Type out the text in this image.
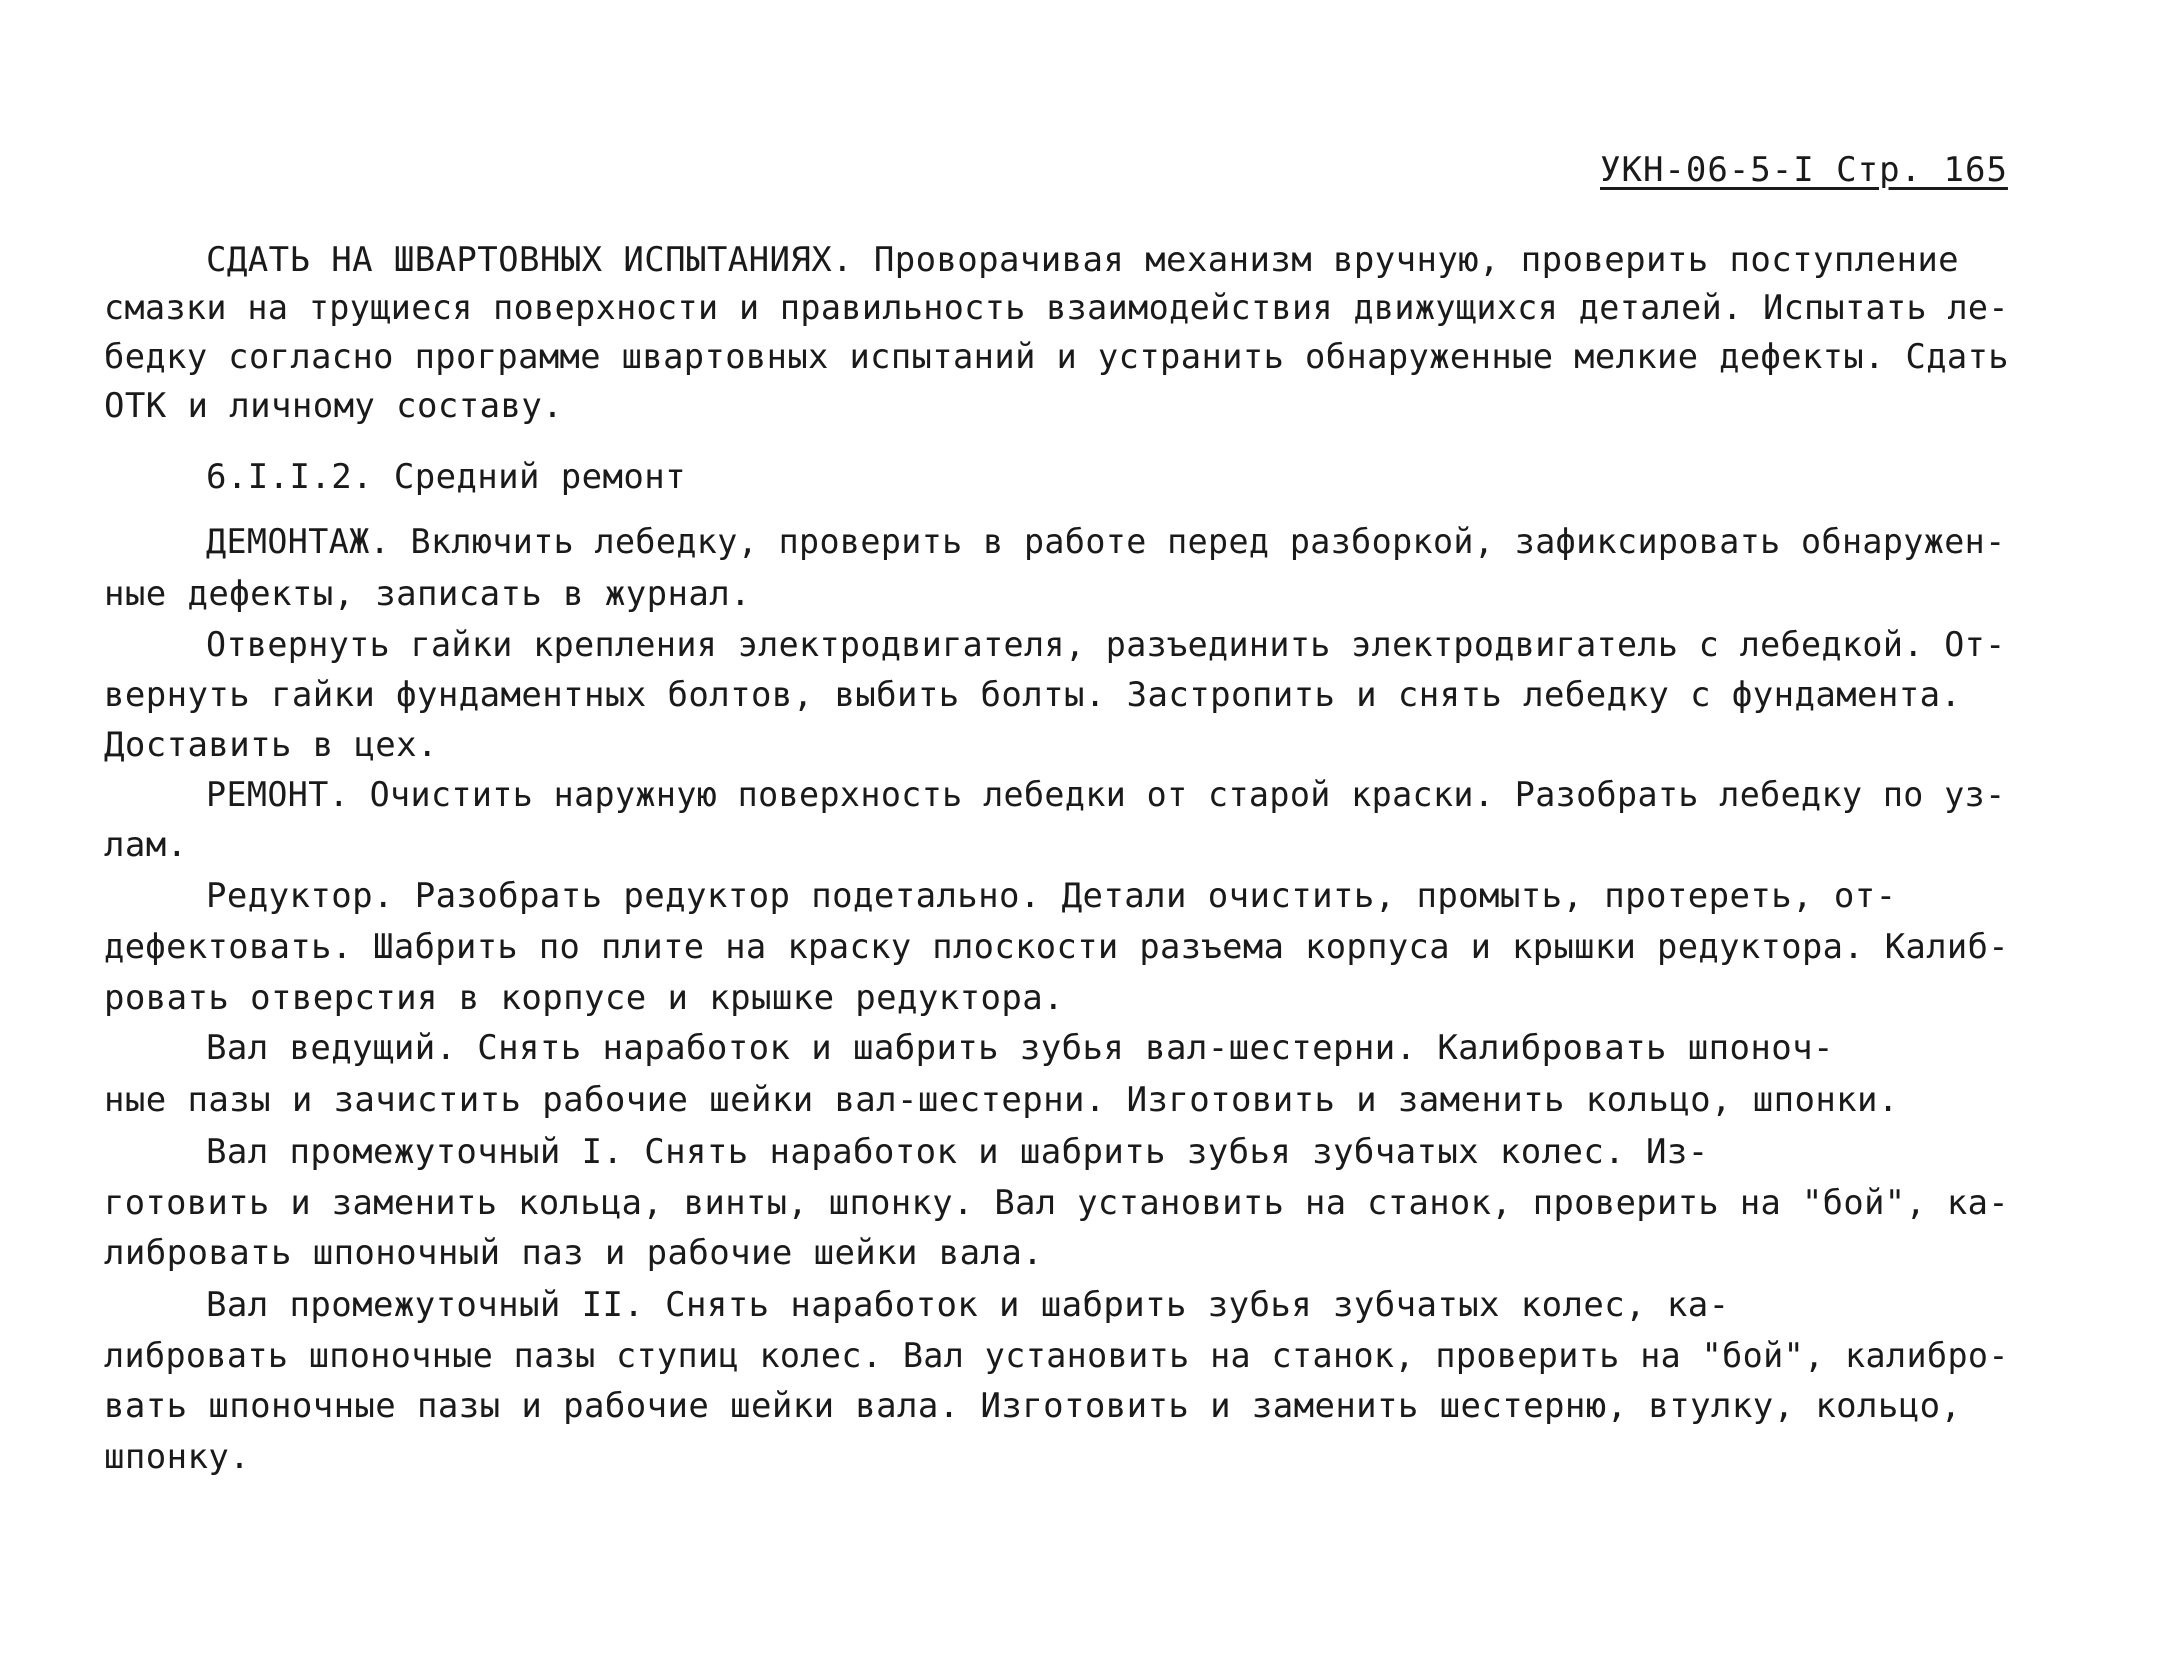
УКН-06-5-I Стр. 165
СДАТЬ НА ШВАРТОВНЫХ ИСПЫТАНИЯХ. Проворачивая механизм вручную, проверить поступление
смазки на трущиеся поверхности и правильность взаимодействия движущихся деталей. Испытать ле-
бедку согласно программе швартовных испытаний и устранить обнаруженные мелкие дефекты. Сдать
ОТК и личному составу.
6.I.I.2. Средний ремонт
ДЕМОНТАЖ. Включить лебедку, проверить в работе перед разборкой, зафиксировать обнаружен-
ные дефекты, записать в журнал.
Отвернуть гайки крепления электродвигателя, разъединить электродвигатель с лебедкой. От-
вернуть гайки фундаментных болтов, выбить болты. Застропить и снять лебедку с фундамента.
Доставить в цех.
РЕМОНТ. Очистить наружную поверхность лебедки от старой краски. Разобрать лебедку по уз-
лам.
Редуктор. Разобрать редуктор подетально. Детали очистить, промыть, протереть, от-
дефектовать. Шабрить по плите на краску плоскости разъема корпуса и крышки редуктора. Калиб-
ровать отверстия в корпусе и крышке редуктора.
Вал ведущий. Снять наработок и шабрить зубья вал-шестерни. Калибровать шпоноч-
ные пазы и зачистить рабочие шейки вал-шестерни. Изготовить и заменить кольцо, шпонки.
Вал промежуточный I. Снять наработок и шабрить зубья зубчатых колес. Из-
готовить и заменить кольца, винты, шпонку. Вал установить на станок, проверить на "бой", ка-
либровать шпоночный паз и рабочие шейки вала.
Вал промежуточный II. Снять наработок и шабрить зубья зубчатых колес, ка-
либровать шпоночные пазы ступиц колес. Вал установить на станок, проверить на "бой", калибро-
вать шпоночные пазы и рабочие шейки вала. Изготовить и заменить шестерню, втулку, кольцо,
шпонку.
